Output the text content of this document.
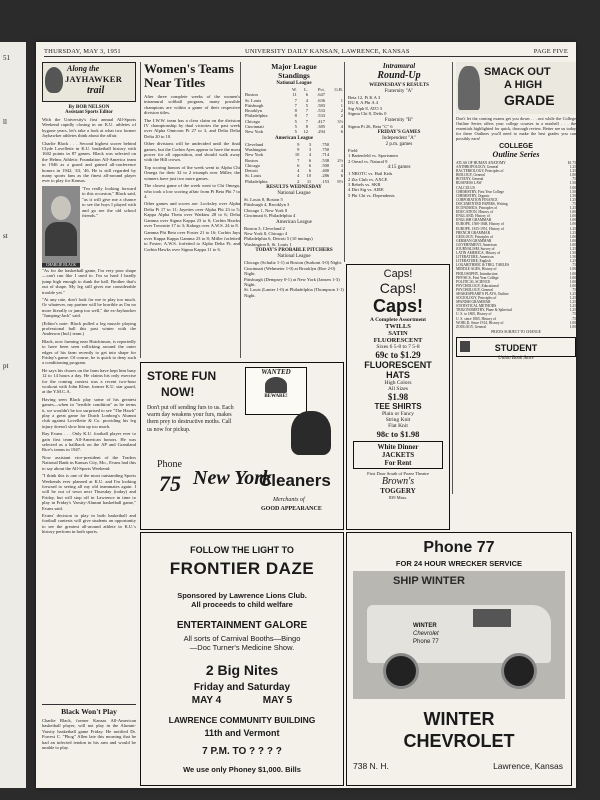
51
ll
st
pt
THURSDAY, MAY 3, 1951	UNIVERSITY DAILY KANSAN, LAWRENCE, KANSAS	PAGE FIVE
Along the
JAYHAWKER
trail
By BOB NELSON
Assistant Sports Editor

With the University's first annual All-Sports Weekend rapidly closing in on K.U. athletes of bygone years, let's take a look at what two former Jayhawker athletes think about the affair.

Charlie Black . . . Second highest scorer behind Clyde Lovellette in K.U. basketball history with 1602 points in 87 games. Black was selected on the Helms Athletic Foundation All-America team in 1946 as a guard and gained all-conference honors in 1942, '43, '46. He is still regarded by many sports fans as the finest all-around player ever to play for Kansas.

CHARLIE BLACK

"I'm really looking forward to this occasion," Black said, "as it will give me a chance to see the boys I played with and go see the old school friends."

"As for the basketball game, I'm very poor shape—can't run like I used to. I'm so hard I hardly jump high enough to dunk the ball. Brother that's out of shape. My leg still gives me considerable trouble yet."

"At any rate, don't look for me to play too much. Or whatever, my partner will be horrible as I'm no more literally or jump too well," the ex-Jayhawker "Jumping-Jack" said.

(Editor's note: Black pulled a leg muscle playing professional ball this past winter with the Anderson (Ind.) team.)

Black, now farming near Hutchinson, is reportedly to have been seen rollicking around the outer edges of his farm recently to get into shape for Friday's game. Of course, he is quick to deny such a conditioning program.

He says his chores on the farm have kept him busy 12 to 14 hours a day. He claims his only exercise for the coming contest was a recent two-hour workout with John Kline, former K.U. star guard, at the Y.M.C.A.

Having seen Black play some of his greatest games—when in "terrible condition" as he terms it, we wouldn't be too surprised to see "The Hawk" play a great game for Dutch Lonborg's Alumni club against Lovellette & Co. providing his leg injury doesn't slow him up too much.

Ray Evans . . . Only K.U. football player ever to gain first team All-American honors. He was selected as a halfback on the AP and Grantland Rice's teams in 1947.

Now assistant vice-president of the Traders National Bank in Kansas City, Mo., Evans had this to say about the All-Sports Weekend:

"I think this is one of the most outstanding Sports Weekends ever planned at K.U. and I'm looking forward to seeing all my old teammates again. I will be out of town next Thursday (today) and Friday, but will stop off in Lawrence in time to play in Friday's Varsity-Alumni basketball game," Evans said.

Evans' decision to play in both basketball and football contests will give students an opportunity to see the greatest all-around athlete in K.U.'s history perform in both sports.

Black Won't Play

Charlie Black, former Kansas All-American basketball player, will not play in the Alumni-Varsity basketball game Friday. He notified Dr. Forrest C. "Phog" Allen late this morning that he had an infected tendon in his arm and would be unable to play.

Women's Teams
Near Titles

After three complete weeks of the women's intramural softball program, many possible champions are within a game of their respective division titles.

The I.W.W. team has a clear claim on the division IV championship by dual victories the past week over Alpha Omicron Pi 27 to 3, and Delta Delta Delta 20 to 10.

Other divisions will be undecided until the final games, but the Corbin Ayes appear to have the most power for all opposition, and should walk away with the Hill crown.

Top scoring honors of the week went to Alpha Chi Omega for their 32 to 2 triumph over Miller; the winners have just two more games.

The closest game of the week went to Chi Omega, who took a low scoring affair from Pi Beta Phi 7 to 4.

Other games and scores are: Locksley over Alpha Delta Pi 17 to 11; Jayettes over Alpha Phi 23 to 5; Kappa Alpha Theta over Watkins 28 to 6; Delta Gamma over Sigma Kappa 23 to 6; Corbin Hawks over Townsite 17 to 3; Kabogs over A.W.S. 24 to 8.

Gamma Phi Beta over Foster 21 to 16; Corbin Jays over Kappa Kappa Gamma 23 to 8; Miller forfeited to Foster; A.W.S. forfeited to Alpha Delta Pi; and Corbin Hawks over Sigma Kappa 11 to 6.

Major League
Standings
National League
	W.	L.	Pct.	G.B.
Boston	11	6	.647	
St. Louis	7	4	.636	1
Pittsburgh	7	5	.583	1
Brooklyn	8	7	.533	2
Philadelphia	8	7	.533	2
Chicago	5	7	.417	3½
Cincinnati	5	8	.385	4
New York	5	12	.294	6
American League
Cleveland	9	3	.750	
Washington	9	3	.750	
New York	10	4	.714	
Boston	7	6	.538	2½
Chicago	6	6	.500	3
Detroit	4	6	.400	4
St. Louis	4	10	.286	6
Philadelphia	2	11	.153	8½
RESULTS WEDNESDAY
National League
St. Louis 8, Boston 5
Pittsburgh 4, Brooklyn 3
Chicago 1, New York 0
Cincinnati 6, Philadelphia 4
American League
Boston 3, Cleveland 2
New York 8, Chicago 4
Philadelphia 6, Detroit 5 (10 innings)
Washington 8, St. Louis 1
TODAY'S PROBABLE PITCHERS
National League
Chicago (Schultz 1-1) at Boston (Surkont 3-0) Night.
Cincinnati (Wehmeier 1-0) at Brooklyn (Roe 2-0) Night.
Pittsburgh (Dempsey 0-1) at New York (Jansen 1-3) Night.
St. Louis (Lanier 1-0) at Philadelphia (Thompson 1-1) Night.
Intramural
Round-Up
WEDNESDAY'S RESULTS
Fraternity "A"
Beta 12, Pi K A 3
DU 8, A Phi A 4
Sig Alph 8, ATO 3
Sigma Chi 8, Delts 0
Fraternity "B"
Sigma Pi 26, Beta "C" 6
FRIDAY'S GAMES
Independent "A"
2 p.m. games
Field
1 Battenfeld vs. Sportsmen
2 Oread vs. Natural 9
4:15 games
1 NROTC vs. Hail Kids
2 Zta Club vs. AXCE
3 Rebels vs. SKR
4 Dirt Sig vs. AIEE
5 Phi Chi vs. Dependents
Caps!
Caps!
Caps!
A Complete Assortment
TWILLS
SATIN
FLUORESCENT
Sixes 6 5-8 to 7 5-8
69c to $1.29
FLUORESCENT
HATS
High Colors
All Sizes
$1.98
TEE SHIRTS
Plain or Fancy
String Knit
Flat Knit
98c to $1.98
White Dinner
JACKETS
For Rent
First Door South of Pozez Theatre
Brown's
TOGGERY
839 Mass.
SMACK OUT
A HIGH
GRADE

Don't let the coming exams get you down . . . not while the College Outline Series offers your college courses in a nutshell . . . the essentials highlighted for quick, thorough review. Better see us today for these Outlines you'll need to make the best grades you can possibly earn!

COLLEGE
Outline Series
ATLAS OF HUMAN ANATOMY	$1.75
ANTHROPOLOGY, General	1.25
BACTERIOLOGY, Principles of	1.25
BIOLOGY, General	1.00
BOTANY, General	.75
BUSINESS LAW	1.50
CALCULUS	1.00
CHEMISTRY, First Year College	1.50
CHEMISTRY, Organic	1.50
CORPORATION FINANCE	1.25
DOCUMENTED PAPERS, Writing	.75
ECONOMICS, Principles of	1.25
EDUCATION, History of	1.00
ENGLAND, History of	1.00
ENGLISH GRAMMAR	1.00
EUROPE, 1500-1848, History of	1.00
EUROPE, 1815-1951, History of	1.25
FRENCH GRAMMAR	1.25
GEOLOGY, Principles of	1.00
GERMAN GRAMMAR	1.00
GOVERNMENT, American	1.00
JOURNALISM, Survey of	1.25
LATIN AMERICA, History of	1.50
LITERATURE, American	1.50
LITERATURE, English	1.25
LOGARITHMIC & TRIG. TABLES	.75
MIDDLE AGES, History of	1.00
PHILOSOPHY, Introduction	1.00
PHYSICS, First Year College	1.00
POLITICAL SCIENCE	1.00
PSYCHOLOGY, Educational	1.00
PSYCHOLOGY, General	.75
SHAKESPEARE'S PLAYS, Outline	1.25
SOCIOLOGY, Principles of	1.25
SPANISH GRAMMAR	1.25
STATISTICAL METHODS	1.25
TRIGONOMETRY, Plane & Spherical	1.25
U. S. to 1865, History of	.75
U. S. since 1865, History of	.75
WORLD, Since 1914, History of	1.00
ZOOLOGY, General	1.00
PRICES SUBJECT TO CHANGE
STUDENT
Union Book Store
STORE FUN
NOW!
Don't put off sending furs to us. Each warm day weakens your furs, makes them prey to destructive moths. Call us now for pickup.
WANTED
BEWARE!
Phone
75 New York
Cleaners
Merchants of
GOOD APPEARANCE
FOLLOW THE LIGHT TO
FRONTIER DAZE
Sponsored by Lawrence Lions Club.
All proceeds to child welfare
ENTERTAINMENT GALORE
All sorts of Carnival Booths—Bingo
—Doc Turner's Medicine Show.
2 Big Nites
Friday and Saturday
MAY 4	MAY 5
LAWRENCE COMMUNITY BUILDING
11th and Vermont
7 P.M. TO ? ? ? ?
We use only Phoney $1,000. Bills
Phone 77
FOR 24 HOUR WRECKER SERVICE
SHIP WINTER
WINTER
Chevrolet
Phone 77
WINTER
CHEVROLET
738 N. H.	Lawrence, Kansas
